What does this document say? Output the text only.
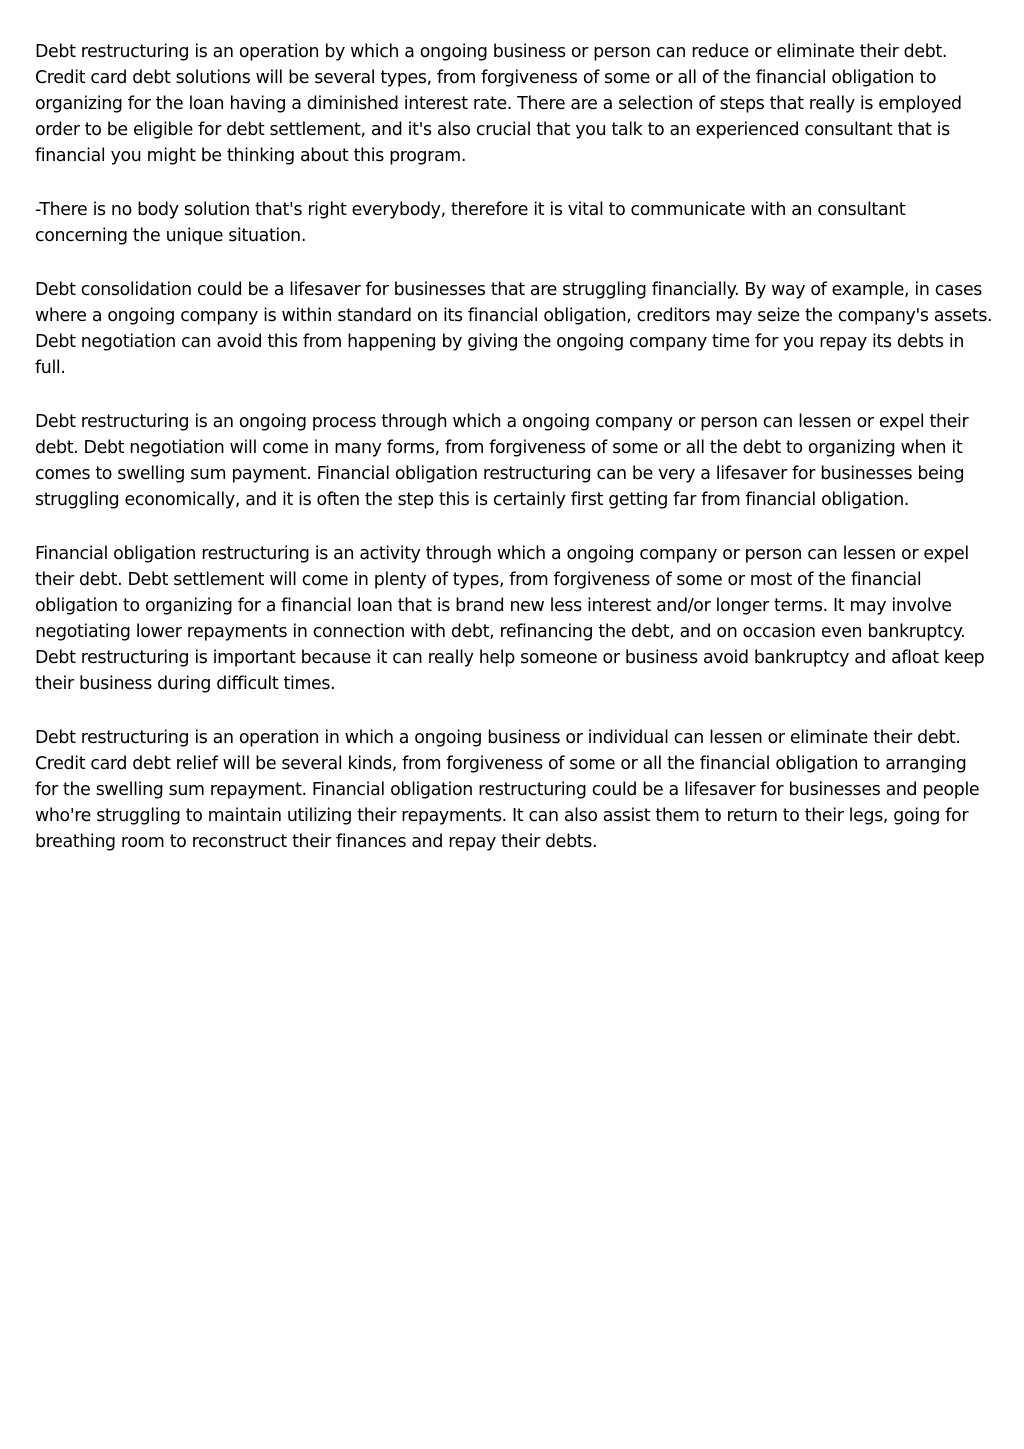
Debt restructuring is an operation by which a ongoing business or person can reduce or eliminate their debt. Credit card debt solutions will be several types, from forgiveness of some or all of the financial obligation to organizing for the loan having a diminished interest rate. There are a selection of steps that really is employed order to be eligible for debt settlement, and it's also crucial that you talk to an experienced consultant that is financial you might be thinking about this program.

-There is no body solution that's right everybody, therefore it is vital to communicate with an consultant concerning the unique situation.

Debt consolidation could be a lifesaver for businesses that are struggling financially. By way of example, in cases where a ongoing company is within standard on its financial obligation, creditors may seize the company's assets. Debt negotiation can avoid this from happening by giving the ongoing company time for you repay its debts in full.

Debt restructuring is an ongoing process through which a ongoing company or person can lessen or expel their debt. Debt negotiation will come in many forms, from forgiveness of some or all the debt to organizing when it comes to swelling sum payment. Financial obligation restructuring can be very a lifesaver for businesses being struggling economically, and it is often the step this is certainly first getting far from financial obligation.

Financial obligation restructuring is an activity through which a ongoing company or person can lessen or expel their debt. Debt settlement will come in plenty of types, from forgiveness of some or most of the financial obligation to organizing for a financial loan that is brand new less interest and/or longer terms. It may involve negotiating lower repayments in connection with debt, refinancing the debt, and on occasion even bankruptcy. Debt restructuring is important because it can really help someone or business avoid bankruptcy and afloat keep their business during difficult times.

Debt restructuring is an operation in which a ongoing business or individual can lessen or eliminate their debt. Credit card debt relief will be several kinds, from forgiveness of some or all the financial obligation to arranging for the swelling sum repayment. Financial obligation restructuring could be a lifesaver for businesses and people who're struggling to maintain utilizing their repayments. It can also assist them to return to their legs, going for breathing room to reconstruct their finances and repay their debts.
